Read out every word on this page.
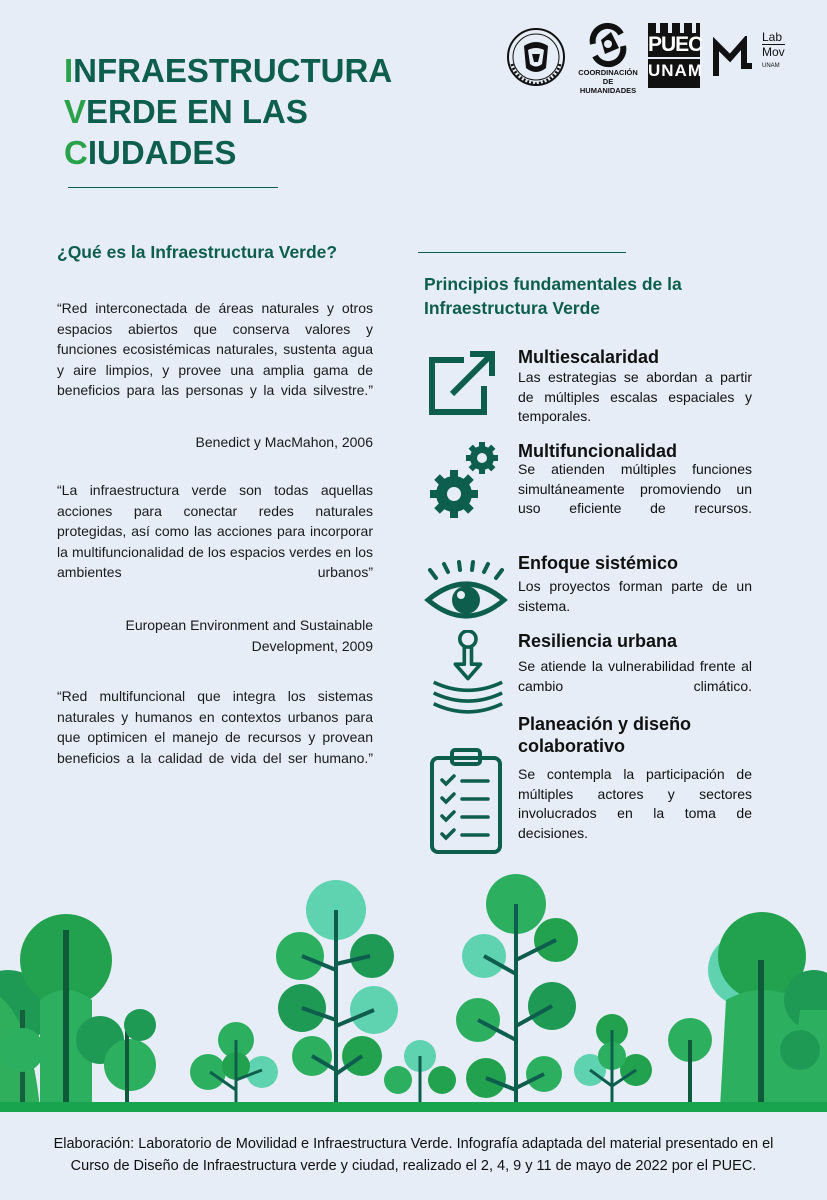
INFRAESTRUCTURA
VERDE EN LAS
CIUDADES
COORDINACIÓN
DE HUMANIDADES
PUEC
UNAM
Lab
Mov
UNAM
¿Qué es la Infraestructura Verde?

“Red interconectada de áreas naturales y otros espacios abiertos que conserva valores y funciones ecosistémicas naturales, sustenta agua y aire limpios, y provee una amplia gama de beneficios para las personas y la vida silvestre.”

Benedict y MacMahon, 2006

“La infraestructura verde son todas aquellas acciones para conectar redes naturales protegidas, así como las acciones para incorporar la multifuncionalidad de los espacios verdes en los ambientes urbanos”

European Environment and Sustainable
Development, 2009

“Red multifuncional que integra los sistemas naturales y humanos en contextos urbanos para que optimicen el manejo de recursos y provean beneficios a la calidad de vida del ser humano.”

Principios fundamentales de la Infraestructura Verde
Multiescalaridad
Las estrategias se abordan a partir de múltiples escalas espaciales y temporales.
Multifuncionalidad
Se atienden múltiples funciones simultáneamente promoviendo un uso eficiente de recursos.
Enfoque sistémico
Los proyectos forman parte de un sistema.
Resiliencia urbana
Se atiende la vulnerabilidad frente al cambio climático.
Planeación y diseño colaborativo
Se contempla la participación de múltiples actores y sectores involucrados en la toma de decisiones.
Elaboración: Laboratorio de Movilidad e Infraestructura Verde. Infografía adaptada del material presentado en el
Curso de Diseño de Infraestructura verde y ciudad, realizado el 2, 4, 9 y 11 de mayo de 2022 por el PUEC.
